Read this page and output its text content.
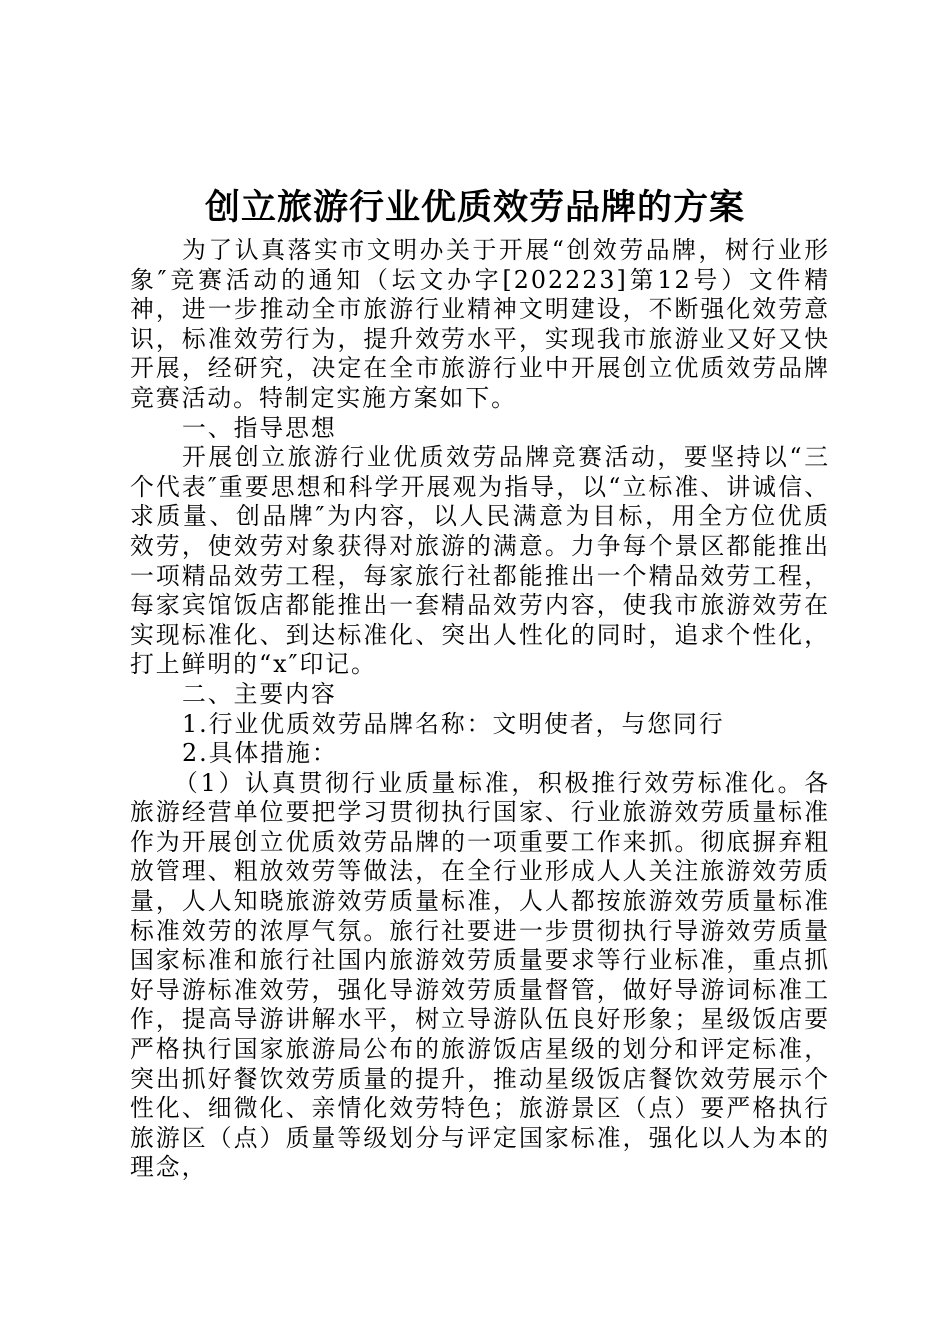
创立旅游行业优质效劳品牌的方案

为了认真落实市文明办关于开展“创效劳品牌，树行业形象″竞赛活动的通知（坛文办字[202223]第12号）文件精神，进一步推动全市旅游行业精神文明建设，不断强化效劳意识，标准效劳行为，提升效劳水平，实现我市旅游业又好又快开展，经研究，决定在全市旅游行业中开展创立优质效劳品牌竞赛活动。特制定实施方案如下。

一、指导思想

开展创立旅游行业优质效劳品牌竞赛活动，要坚持以“三个代表″重要思想和科学开展观为指导，以“立标准、讲诚信、求质量、创品牌″为内容，以人民满意为目标，用全方位优质效劳，使效劳对象获得对旅游的满意。力争每个景区都能推出一项精品效劳工程，每家旅行社都能推出一个精品效劳工程，每家宾馆饭店都能推出一套精品效劳内容，使我市旅游效劳在实现标准化、到达标准化、突出人性化的同时，追求个性化，打上鲜明的“x″印记。

二、主要内容

1.行业优质效劳品牌名称：文明使者，与您同行

2.具体措施：

（1）认真贯彻行业质量标准，积极推行效劳标准化。各旅游经营单位要把学习贯彻执行国家、行业旅游效劳质量标准作为开展创立优质效劳品牌的一项重要工作来抓。彻底摒弃粗放管理、粗放效劳等做法，在全行业形成人人关注旅游效劳质量，人人知晓旅游效劳质量标准，人人都按旅游效劳质量标准标准效劳的浓厚气氛。旅行社要进一步贯彻执行导游效劳质量国家标准和旅行社国内旅游效劳质量要求等行业标准，重点抓好导游标准效劳，强化导游效劳质量督管，做好导游词标准工作，提高导游讲解水平，树立导游队伍良好形象；星级饭店要严格执行国家旅游局公布的旅游饭店星级的划分和评定标准，突出抓好餐饮效劳质量的提升，推动星级饭店餐饮效劳展示个性化、细微化、亲情化效劳特色；旅游景区（点）要严格执行旅游区（点）质量等级划分与评定国家标准，强化以人为本的理念，
